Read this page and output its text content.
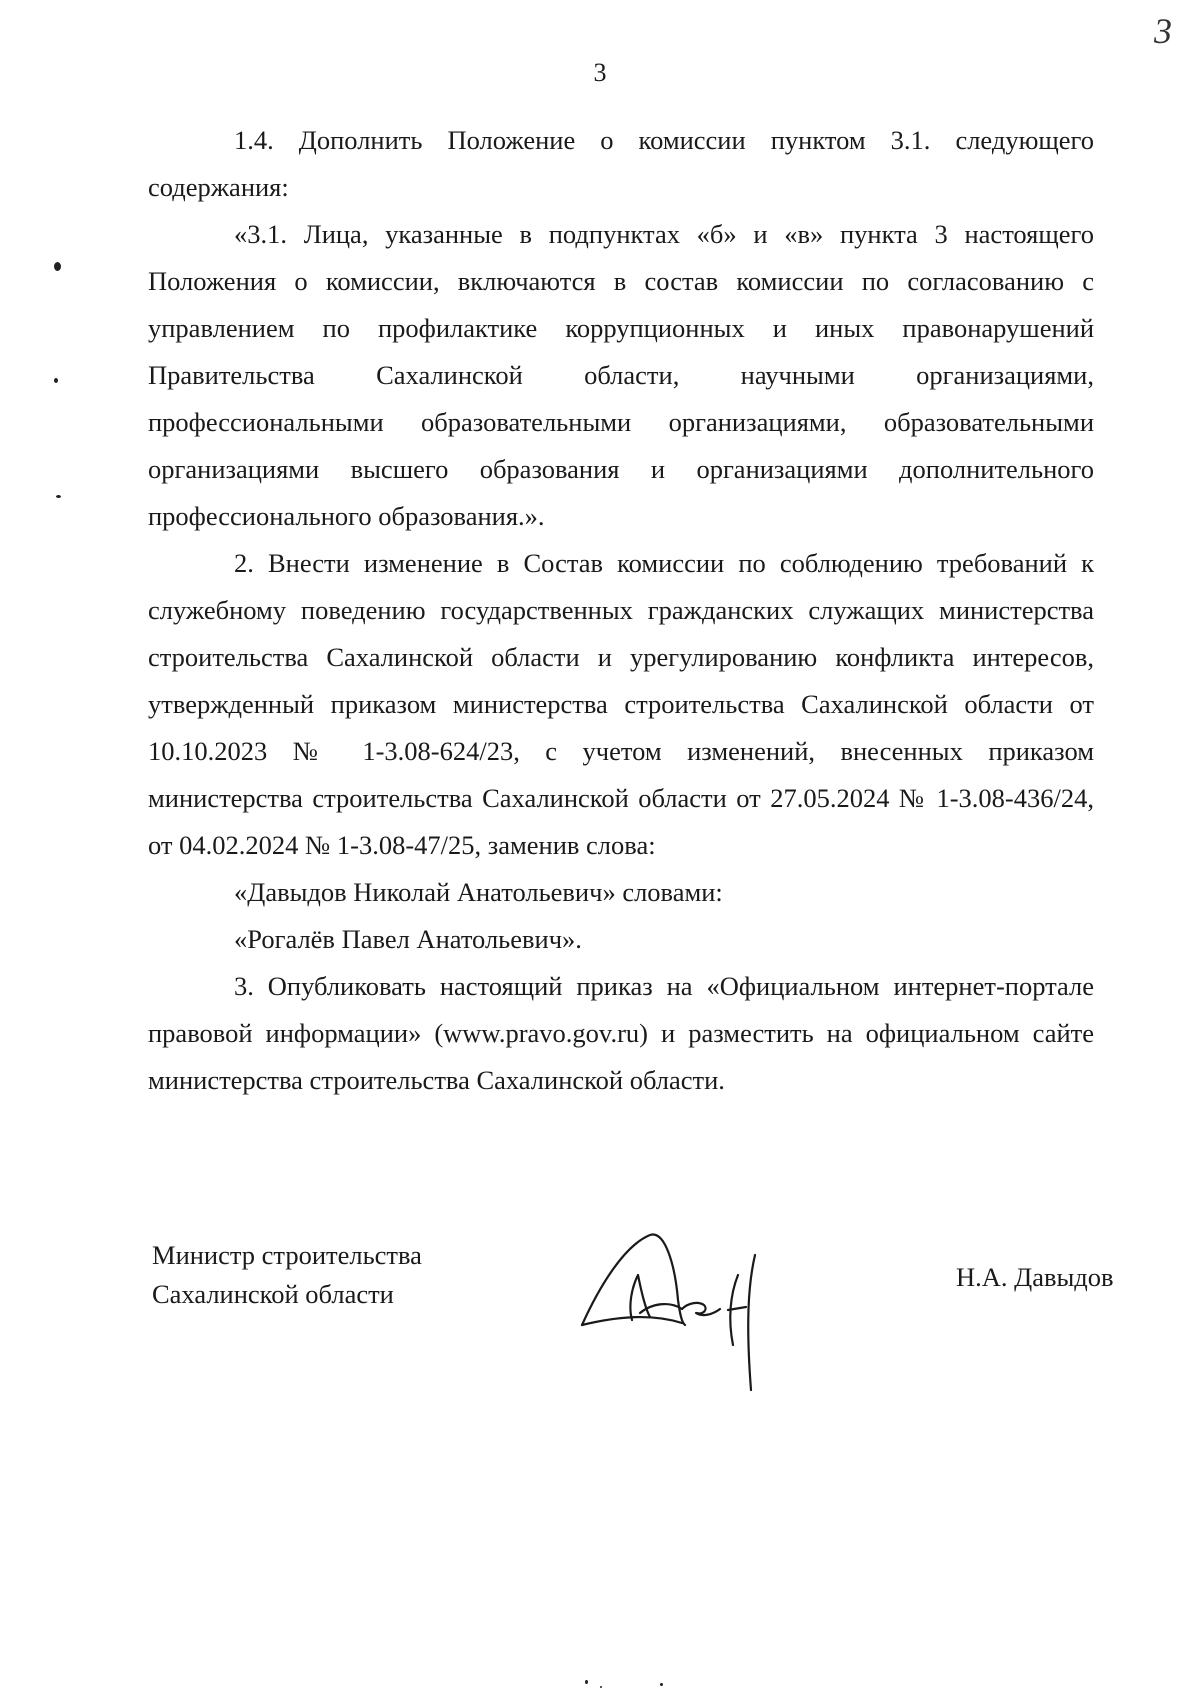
3
3

1.4. Дополнить Положение о комиссии пунктом 3.1. следующего содержания:

«3.1. Лица, указанные в подпунктах «б» и «в» пункта 3 настоящего Положения о комиссии, включаются в состав комиссии по согласованию с управлением по профилактике коррупционных и иных правонарушений Правительства Сахалинской области, научными организациями, профессиональными образовательными организациями, образовательными организациями высшего образования и организациями дополнительного профессионального образования.».

2. Внести изменение в Состав комиссии по соблюдению требований к служебному поведению государственных гражданских служащих министерства строительства Сахалинской области и урегулированию конфликта интересов, утвержденный приказом министерства строительства Сахалинской области от 10.10.2023 № 1-3.08-624/23, с учетом изменений, внесенных приказом министерства строительства Сахалинской области от 27.05.2024 № 1-3.08-436/24, от 04.02.2024 № 1-3.08-47/25, заменив слова:

«Давыдов Николай Анатольевич» словами:

«Рогалёв Павел Анатольевич».

3. Опубликовать настоящий приказ на «Официальном интернет-портале правовой информации» (www.pravo.gov.ru) и разместить на официальном сайте министерства строительства Сахалинской области.

Министр строительства
Сахалинской области
Н.А. Давыдов
